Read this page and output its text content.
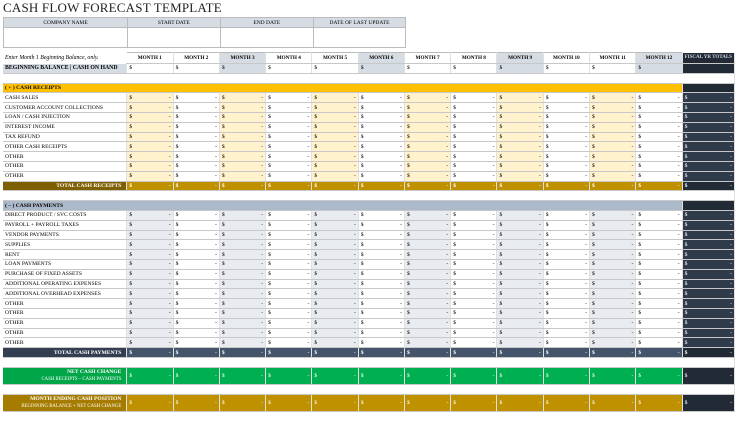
CASH FLOW FORECAST TEMPLATE
COMPANY NAME	START DATE	END DATE	DATE OF LAST UPDATE

Enter Month 1 Beginning Balance, only.	MONTH 1	MONTH 2	MONTH 3	MONTH 4	MONTH 5	MONTH 6	MONTH 7	MONTH 8	MONTH 9	MONTH 10	MONTH 11	MONTH 12	FISCAL YR TOTALS
BEGINNING BALANCE | CASH ON HAND	$	$	$	$	$	$	$	$	$	$	$	$	

( + ) CASH RECEIPTS													
CASH SALES	$ -	$ -	$ -	$ -	$ -	$ -	$ -	$ -	$ -	$ -	$ -	$ -	$ -

CUSTOMER ACCOUNT COLLECTIONS	$ -	$ -	$ -	$ -	$ -	$ -	$ -	$ -	$ -	$ -	$ -	$ -	$ -

LOAN / CASH INJECTION	$ -	$ -	$ -	$ -	$ -	$ -	$ -	$ -	$ -	$ -	$ -	$ -	$ -

INTEREST INCOME	$ -	$ -	$ -	$ -	$ -	$ -	$ -	$ -	$ -	$ -	$ -	$ -	$ -

TAX REFUND	$ -	$ -	$ -	$ -	$ -	$ -	$ -	$ -	$ -	$ -	$ -	$ -	$ -

OTHER CASH RECEIPTS	$ -	$ -	$ -	$ -	$ -	$ -	$ -	$ -	$ -	$ -	$ -	$ -	$ -

OTHER	$ -	$ -	$ -	$ -	$ -	$ -	$ -	$ -	$ -	$ -	$ -	$ -	$ -

OTHER	$ -	$ -	$ -	$ -	$ -	$ -	$ -	$ -	$ -	$ -	$ -	$ -	$ -

OTHER	$ -	$ -	$ -	$ -	$ -	$ -	$ -	$ -	$ -	$ -	$ -	$ -	$ -

TOTAL CASH RECEIPTS	$ -	$ -	$ -	$ -	$ -	$ -	$ -	$ -	$ -	$ -	$ -	$ -	$ -

( – ) CASH PAYMENTS													
DIRECT PRODUCT / SVC COSTS	$ -	$ -	$ -	$ -	$ -	$ -	$ -	$ -	$ -	$ -	$ -	$ -	$ -

PAYROLL + PAYROLL TAXES	$ -	$ -	$ -	$ -	$ -	$ -	$ -	$ -	$ -	$ -	$ -	$ -	$ -

VENDOR PAYMENTS	$ -	$ -	$ -	$ -	$ -	$ -	$ -	$ -	$ -	$ -	$ -	$ -	$ -

SUPPLIES	$ -	$ -	$ -	$ -	$ -	$ -	$ -	$ -	$ -	$ -	$ -	$ -	$ -

RENT	$ -	$ -	$ -	$ -	$ -	$ -	$ -	$ -	$ -	$ -	$ -	$ -	$ -

LOAN PAYMENTS	$ -	$ -	$ -	$ -	$ -	$ -	$ -	$ -	$ -	$ -	$ -	$ -	$ -

PURCHASE OF FIXED ASSETS	$ -	$ -	$ -	$ -	$ -	$ -	$ -	$ -	$ -	$ -	$ -	$ -	$ -

ADDITIONAL OPERATING EXPENSES	$ -	$ -	$ -	$ -	$ -	$ -	$ -	$ -	$ -	$ -	$ -	$ -	$ -

ADDITIONAL OVERHEAD EXPENSES	$ -	$ -	$ -	$ -	$ -	$ -	$ -	$ -	$ -	$ -	$ -	$ -	$ -

OTHER	$ -	$ -	$ -	$ -	$ -	$ -	$ -	$ -	$ -	$ -	$ -	$ -	$ -

OTHER	$ -	$ -	$ -	$ -	$ -	$ -	$ -	$ -	$ -	$ -	$ -	$ -	$ -

OTHER	$ -	$ -	$ -	$ -	$ -	$ -	$ -	$ -	$ -	$ -	$ -	$ -	$ -

OTHER	$ -	$ -	$ -	$ -	$ -	$ -	$ -	$ -	$ -	$ -	$ -	$ -	$ -

OTHER	$ -	$ -	$ -	$ -	$ -	$ -	$ -	$ -	$ -	$ -	$ -	$ -	$ -

TOTAL CASH PAYMENTS	$ -	$ -	$ -	$ -	$ -	$ -	$ -	$ -	$ -	$ -	$ -	$ -	$ -

NET CASH CHANGE
CASH RECEIPTS – CASH PAYMENTS	$ -	$ -	$ -	$ -	$ -	$ -	$ -	$ -	$ -	$ -	$ -	$ -	$ -

MONTH ENDING CASH POSITION
BEGINNING BALANCE + NET CASH CHANGE	$ -	$ -	$ -	$ -	$ -	$ -	$ -	$ -	$ -	$ -	$ -	$ -	$ -
